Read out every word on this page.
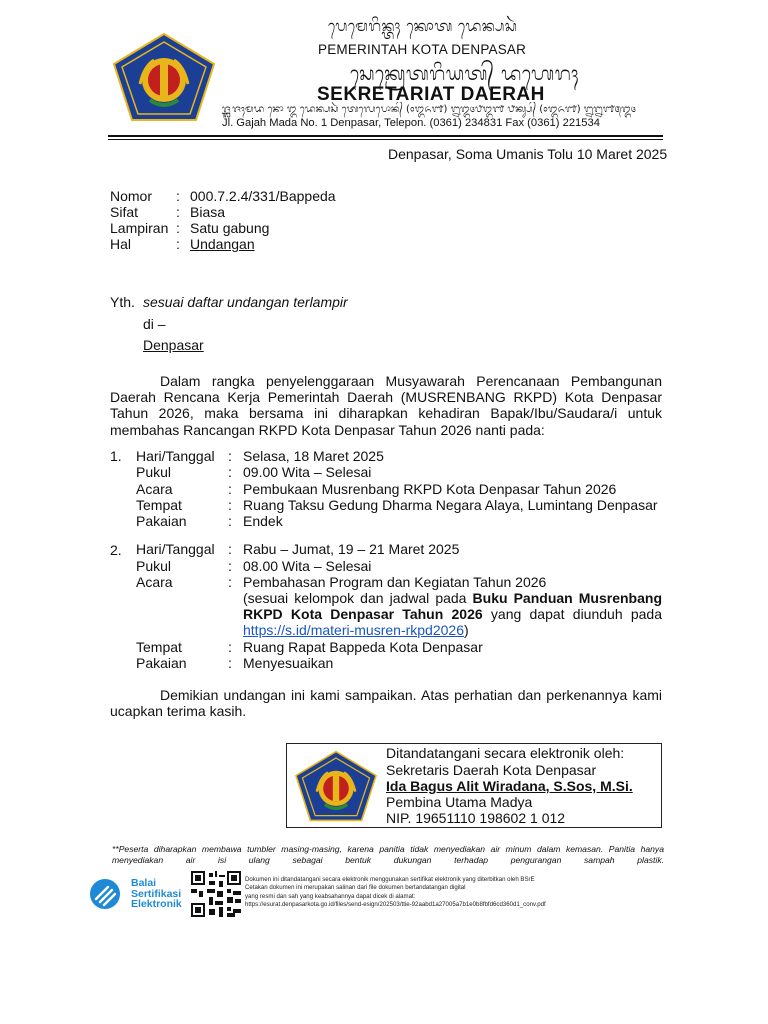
ᬧᬾᬫᬾᬭᬶᬦ᭄ᬢᬄ ᬓᭀᬢ ᬤᬾᬦ᭄ᬧᬲᬃ
PEMERINTAH KOTA DENPASAR
ᬲᬾᬓ᭄ᬭᬾᬢᬭᬶᬬᬢ᭄ ᬤᬳᬾᬭᬄ
SEKRETARIAT DAERAH
ᬚ᭄ᬮ᭄ᬕᬚᬄᬫᬤ ᬦᭀ ᬑ ᬤᬾᬦ᭄ᬧᬲᬃ ᬢᬾᬮᬾᬧᭀᬦ᭄ (᭐᭓᭖᭑) ᭒᭓᭔᭘᭓᭑ ᬨᬓ᭄ᬲ᭄ (᭐᭓᭖᭑) ᭒᭒᭑᭕᭓᭔
Jl. Gajah Mada No. 1 Denpasar, Telepon. (0361) 234831 Fax (0361) 221534
Denpasar, Soma Umanis Tolu 10 Maret 2025
Nomor : 000.7.2.4/331/Bappeda
Sifat	: Biasa
Lampiran : Satu gabung
Hal	: Undangan
Yth. sesuai daftar undangan terlampir
di –
Denpasar
Dalam rangka penyelenggaraan Musyawarah Perencanaan Pembangunan Daerah Rencana Kerja Pemerintah Daerah (MUSRENBANG RKPD) Kota Denpasar Tahun 2026, maka bersama ini diharapkan kehadiran Bapak/Ibu/Saudara/i untuk membahas Rancangan RKPD Kota Denpasar Tahun 2026 nanti pada:
1. Hari/Tanggal : Selasa, 18 Maret 2025
Pukul	: 09.00 Wita – Selesai
Acara	: Pembukaan Musrenbang RKPD Kota Denpasar Tahun 2026
Tempat	: Ruang Taksu Gedung Dharma Negara Alaya, Lumintang Denpasar
Pakaian	: Endek
2. Hari/Tanggal : Rabu – Jumat, 19 – 21 Maret 2025
Pukul	: 08.00 Wita – Selesai
Acara	: Pembahasan Program dan Kegiatan Tahun 2026
(sesuai kelompok dan jadwal pada Buku Panduan Musrenbang RKPD Kota Denpasar Tahun 2026 yang dapat diunduh pada https://s.id/materi-musren-rkpd2026)
Tempat	: Ruang Rapat Bappeda Kota Denpasar
Pakaian	: Menyesuaikan
Demikian undangan ini kami sampaikan. Atas perhatian dan perkenannya kami ucapkan terima kasih.
Ditandatangani secara elektronik oleh:
Sekretaris Daerah Kota Denpasar
Ida Bagus Alit Wiradana, S.Sos, M.Si.
Pembina Utama Madya
NIP. 19651110 198602 1 012
**Peserta diharapkan membawa tumbler masing-masing, karena panitia tidak menyediakan air minum dalam kemasan. Panitia hanya menyediakan air isi ulang sebagai bentuk dukungan terhadap pengurangan sampah plastik.
Balai
Sertifikasi
Elektronik
Dokumen ini ditandatangani secara elektronik menggunakan sertifikat elektronik yang diterbitkan oleh BSrE
Cetakan dokumen ini merupakan salinan dari file dokumen bertandatangan digital
yang resmi dan sah yang keabsahannya dapat dicek di alamat:
https://esurat.denpasarkota.go.id/files/send-esign/202503/ttie-92aabd1a27005a7b1e0b8fbfd6cd360d1_conv.pdf
